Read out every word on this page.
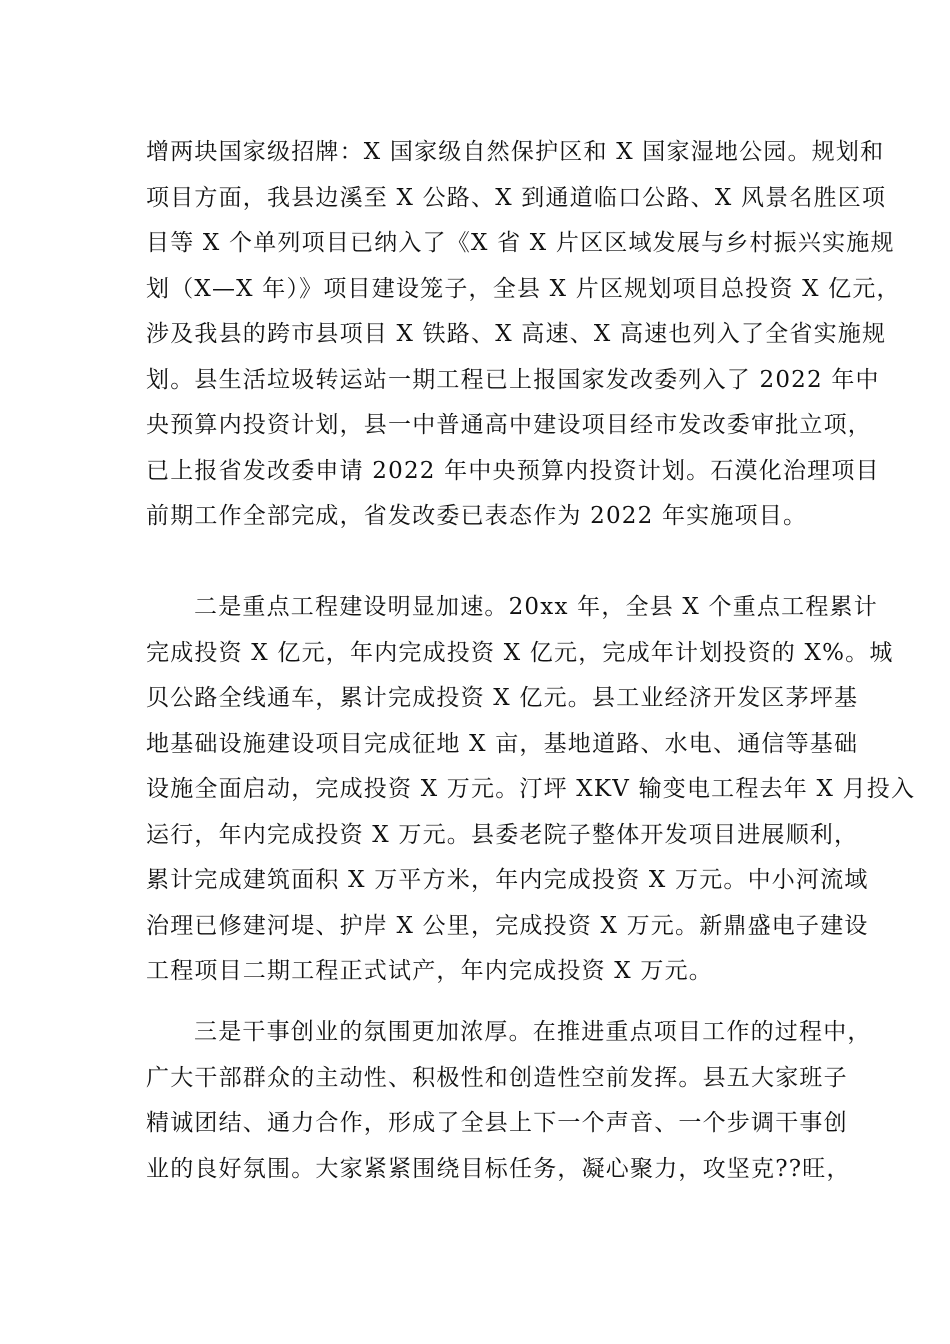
增两块国家级招牌：X 国家级自然保护区和 X 国家湿地公园。规划和
项目方面，我县边溪至 X 公路、X 到通道临口公路、X 风景名胜区项
目等 X 个单列项目已纳入了《X 省 X 片区区域发展与乡村振兴实施规
划（X—X 年）》项目建设笼子，全县 X 片区规划项目总投资 X 亿元，
涉及我县的跨市县项目 X 铁路、X 高速、X 高速也列入了全省实施规
划。县生活垃圾转运站一期工程已上报国家发改委列入了 2022 年中
央预算内投资计划，县一中普通高中建设项目经市发改委审批立项，
已上报省发改委申请 2022 年中央预算内投资计划。石漠化治理项目
前期工作全部完成，省发改委已表态作为 2022 年实施项目。
二是重点工程建设明显加速。20xx 年，全县 X 个重点工程累计
完成投资 X 亿元，年内完成投资 X 亿元，完成年计划投资的 X%。城
贝公路全线通车，累计完成投资 X 亿元。县工业经济开发区茅坪基
地基础设施建设项目完成征地 X 亩，基地道路、水电、通信等基础
设施全面启动，完成投资 X 万元。汀坪 XKV 输变电工程去年 X 月投入
运行，年内完成投资 X 万元。县委老院子整体开发项目进展顺利，
累计完成建筑面积 X 万平方米，年内完成投资 X 万元。中小河流域
治理已修建河堤、护岸 X 公里，完成投资 X 万元。新鼎盛电子建设
工程项目二期工程正式试产，年内完成投资 X 万元。
三是干事创业的氛围更加浓厚。在推进重点项目工作的过程中，
广大干部群众的主动性、积极性和创造性空前发挥。县五大家班子
精诚团结、通力合作，形成了全县上下一个声音、一个步调干事创
业的良好氛围。大家紧紧围绕目标任务，凝心聚力，攻坚克??旺，
